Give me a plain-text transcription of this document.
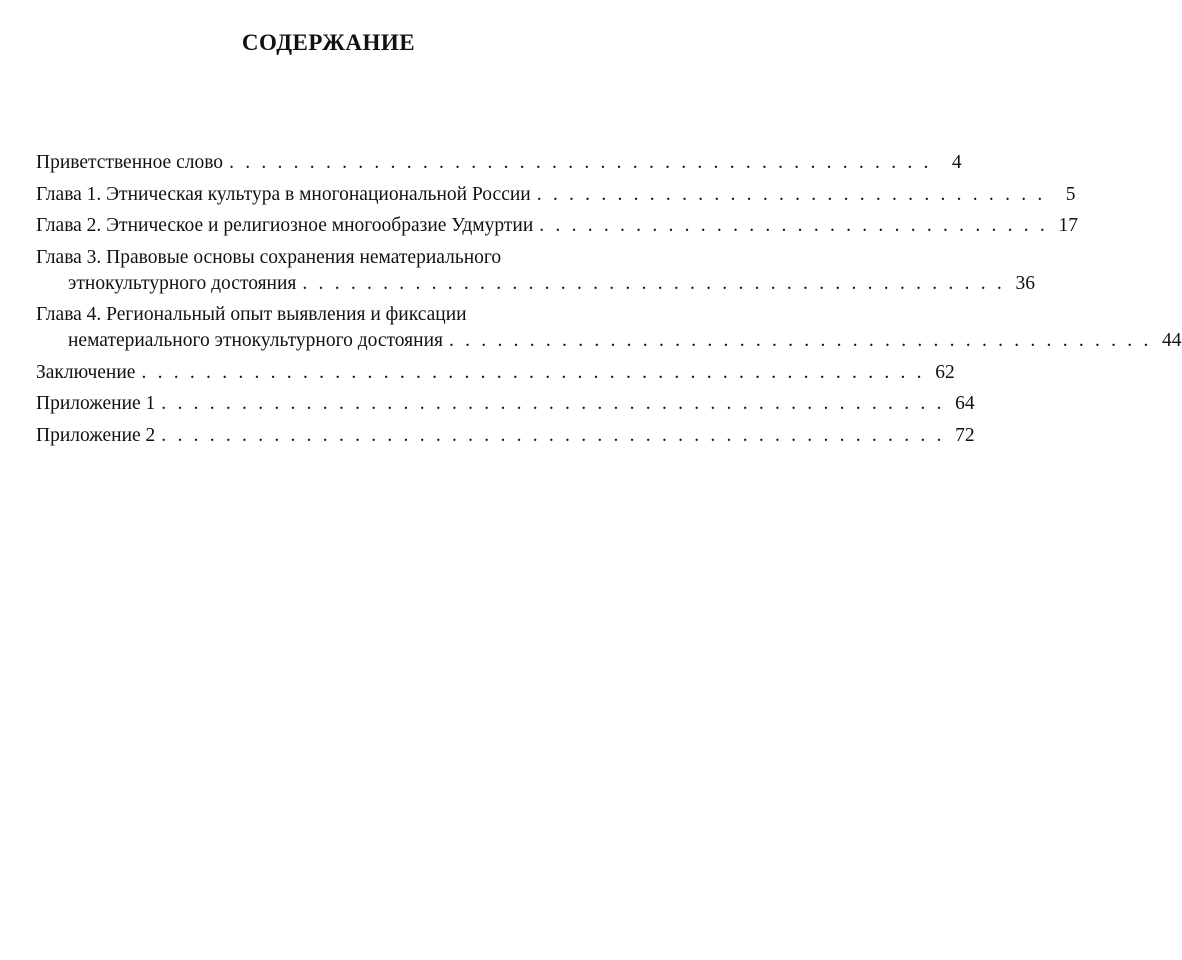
СОДЕРЖАНИЕ
Приветственное слово . . . . . . . . . . . . . . . . . . . . . . . . . . . . . . . . . . . . . . . . . . . .	4
Глава 1. Этническая культура в многонациональной России . . . . . . . . . . . . . . . . . . . . . . . . . . . . . . . .	5
Глава 2. Этническое и религиозное многообразие Удмуртии . . . . . . . . . . . . . . . . . . . . . . . . . . . . . . . . 17
Глава 3. Правовые основы сохранения нематериального
этнокультурного достояния . . . . . . . . . . . . . . . . . . . . . . . . . . . . . . . . . . . . . . . . . . . . 36
Глава 4. Региональный опыт выявления и фиксации
нематериального этнокультурного достояния . . . . . . . . . . . . . . . . . . . . . . . . . . . . . . . . . . . . . . . . . . . . 44
Заключение . . . . . . . . . . . . . . . . . . . . . . . . . . . . . . . . . . . . . . . . . . . . . . . . . 62
Приложение 1 . . . . . . . . . . . . . . . . . . . . . . . . . . . . . . . . . . . . . . . . . . . . . . . . . 64
Приложение 2 . . . . . . . . . . . . . . . . . . . . . . . . . . . . . . . . . . . . . . . . . . . . . . . . . 72
